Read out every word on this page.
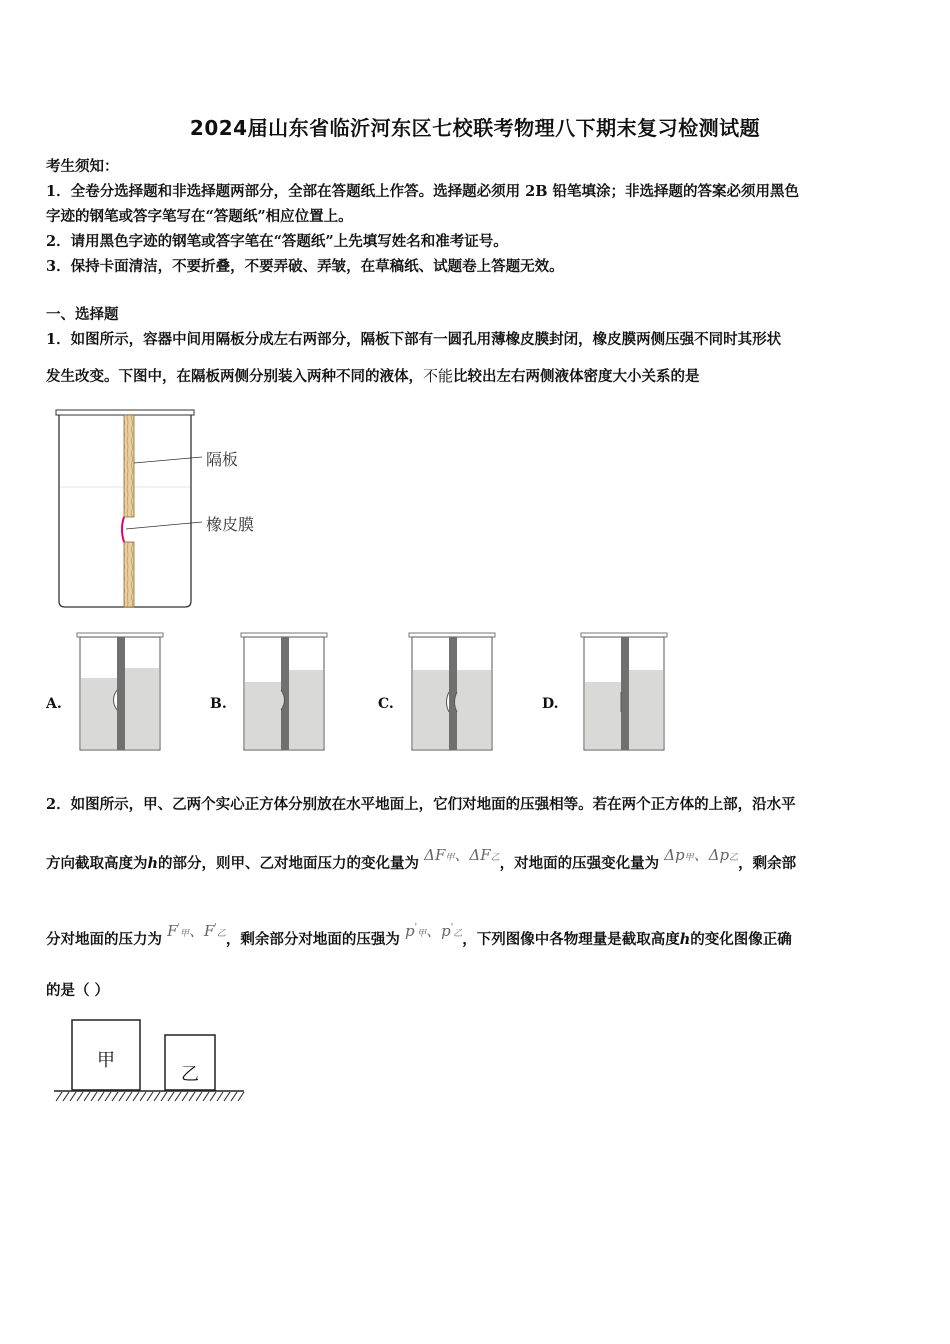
2024届山东省临沂河东区七校联考物理八下期末复习检测试题
考生须知：
1．全卷分选择题和非选择题两部分，全部在答题纸上作答。选择题必须用 2B 铅笔填涂；非选择题的答案必须用黑色
字迹的钢笔或答字笔写在“答题纸”相应位置上。
2．请用黑色字迹的钢笔或答字笔在“答题纸”上先填写姓名和准考证号。
3．保持卡面清洁，不要折叠，不要弄破、弄皱，在草稿纸、试题卷上答题无效。
一、选择题
1．如图所示，容器中间用隔板分成左右两部分，隔板下部有一圆孔用薄橡皮膜封闭，橡皮膜两侧压强不同时其形状
发生改变。下图中，在隔板两侧分别装入两种不同的液体，不能比较出左右两侧液体密度大小关系的是
隔板
橡皮膜
A.	B.	C.	D.
2．如图所示，甲、乙两个实心正方体分别放在水平地面上，它们对地面的压强相等。若在两个正方体的上部，沿水平
方向截取高度为h的部分，则甲、乙对地面压力的变化量为 ΔF甲、ΔF乙，对地面的压强变化量为 Δp甲、Δp乙，剩余部
分对地面的压力为 F'甲、F'乙，剩余部分对地面的压强为 p'甲、p'乙，下列图像中各物理量是截取高度h的变化图像正确
的是（ ）
甲
乙
